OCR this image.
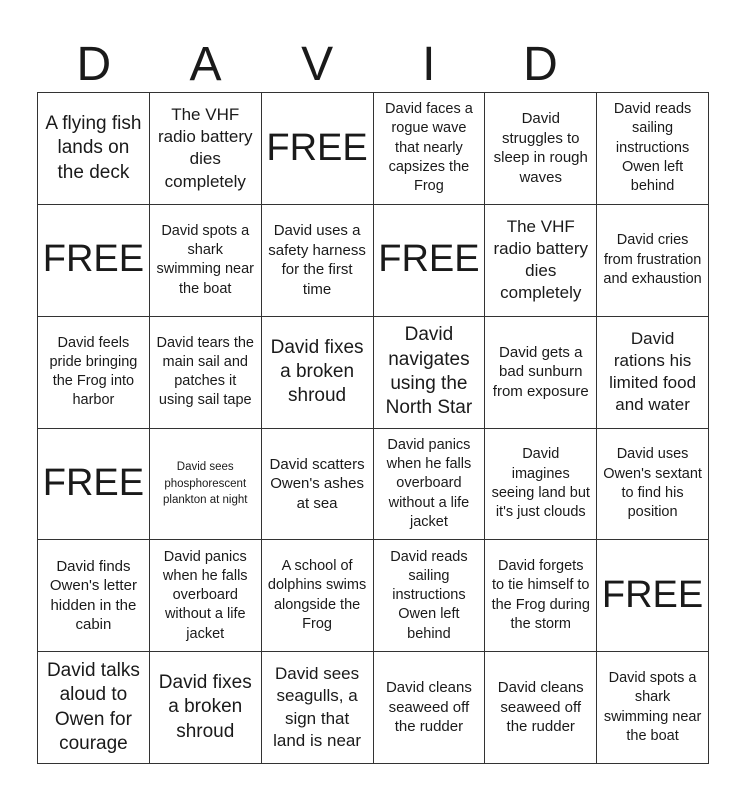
D	A	V	I	D
A flying fish lands on the deck
The VHF radio battery dies completely
FREE
David faces a rogue wave that nearly capsizes the Frog
David struggles to sleep in rough waves
David reads sailing instructions Owen left behind
FREE
David spots a shark swimming near the boat
David uses a safety harness for the first time
FREE
The VHF radio battery dies completely
David cries from frustration and exhaustion
David feels pride bringing the Frog into harbor
David tears the main sail and patches it using sail tape
David fixes a broken shroud
David navigates using the North Star
David gets a bad sunburn from exposure
David rations his limited food and water
FREE	David sees phosphorescent plankton at night
David scatters Owen's ashes at sea
David panics when he falls overboard without a life jacket
David imagines seeing land but it's just clouds
David uses Owen's sextant to find his position
David finds Owen's letter hidden in the cabin
David panics when he falls overboard without a life jacket
A school of dolphins swims alongside the Frog
David reads sailing instructions Owen left behind
David forgets to tie himself to the Frog during the storm
FREE
David talks aloud to Owen for courage
David fixes a broken shroud
David sees seagulls, a sign that land is near
David cleans seaweed off the rudder
David cleans seaweed off the rudder
David spots a shark swimming near the boat
